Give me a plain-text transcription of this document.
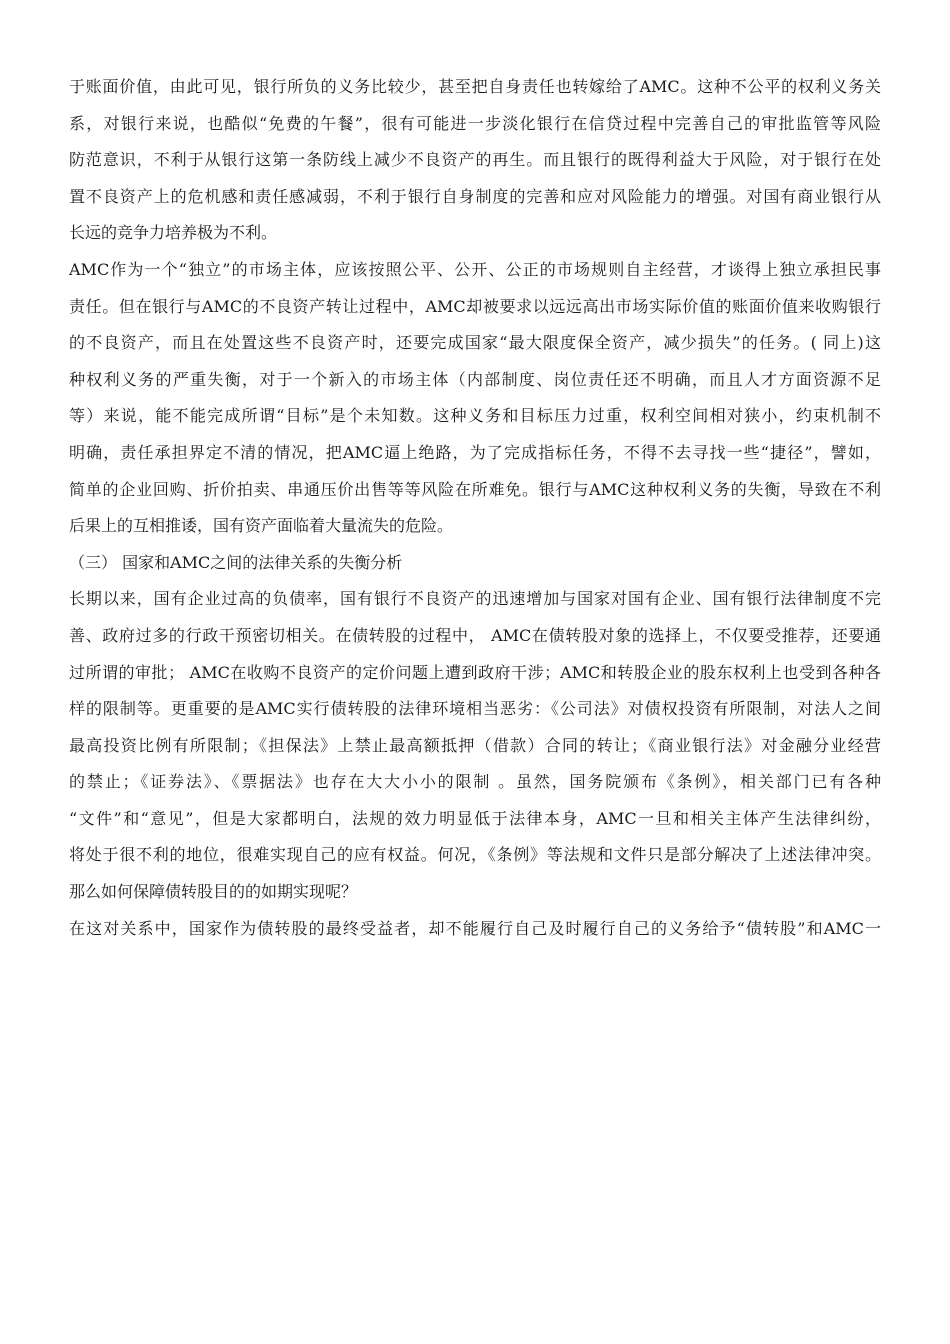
于账面价值，由此可见，银行所负的义务比较少，甚至把自身责任也转嫁给了AMC。这种不公平的权利义务关
系，对银行来说，也酷似“免费的午餐”，很有可能进一步淡化银行在信贷过程中完善自己的审批监管等风险
防范意识，不利于从银行这第一条防线上减少不良资产的再生。而且银行的既得利益大于风险，对于银行在处
置不良资产上的危机感和责任感减弱，不利于银行自身制度的完善和应对风险能力的增强。对国有商业银行从
长远的竞争力培养极为不利。
AMC作为一个“独立”的市场主体，应该按照公平、公开、公正的市场规则自主经营，才谈得上独立承担民事
责任。但在银行与AMC的不良资产转让过程中，AMC却被要求以远远高出市场实际价值的账面价值来收购银行
的不良资产，而且在处置这些不良资产时，还要完成国家“最大限度保全资产，减少损失”的任务。( 同上)这
种权利义务的严重失衡，对于一个新入的市场主体（内部制度、岗位责任还不明确，而且人才方面资源不足
等）来说，能不能完成所谓“目标”是个未知数。这种义务和目标压力过重，权利空间相对狭小，约束机制不
明确，责任承担界定不清的情况，把AMC逼上绝路，为了完成指标任务，不得不去寻找一些“捷径”，譬如，
简单的企业回购、折价拍卖、串通压价出售等等风险在所难免。银行与AMC这种权利义务的失衡，导致在不利
后果上的互相推诿，国有资产面临着大量流失的危险。
（三） 国家和AMC之间的法律关系的失衡分析
长期以来，国有企业过高的负债率，国有银行不良资产的迅速增加与国家对国有企业、国有银行法律制度不完
善、政府过多的行政干预密切相关。在债转股的过程中， AMC在债转股对象的选择上，不仅要受推荐，还要通
过所谓的审批； AMC在收购不良资产的定价问题上遭到政府干涉；AMC和转股企业的股东权利上也受到各种各
样的限制等。更重要的是AMC实行债转股的法律环境相当恶劣：《公司法》对债权投资有所限制，对法人之间
最高投资比例有所限制；《担保法》上禁止最高额抵押（借款）合同的转让；《商业银行法》对金融分业经营
的禁止；《证券法》、《票据法》也存在大大小小的限制 。虽然，国务院颁布《条例》，相关部门已有各种
“文件”和“意见”，但是大家都明白，法规的效力明显低于法律本身，AMC一旦和相关主体产生法律纠纷，
将处于很不利的地位，很难实现自己的应有权益。何况，《条例》等法规和文件只是部分解决了上述法律冲突。
那么如何保障债转股目的的如期实现呢？
在这对关系中，国家作为债转股的最终受益者，却不能履行自己及时履行自己的义务给予“债转股”和AMC一
